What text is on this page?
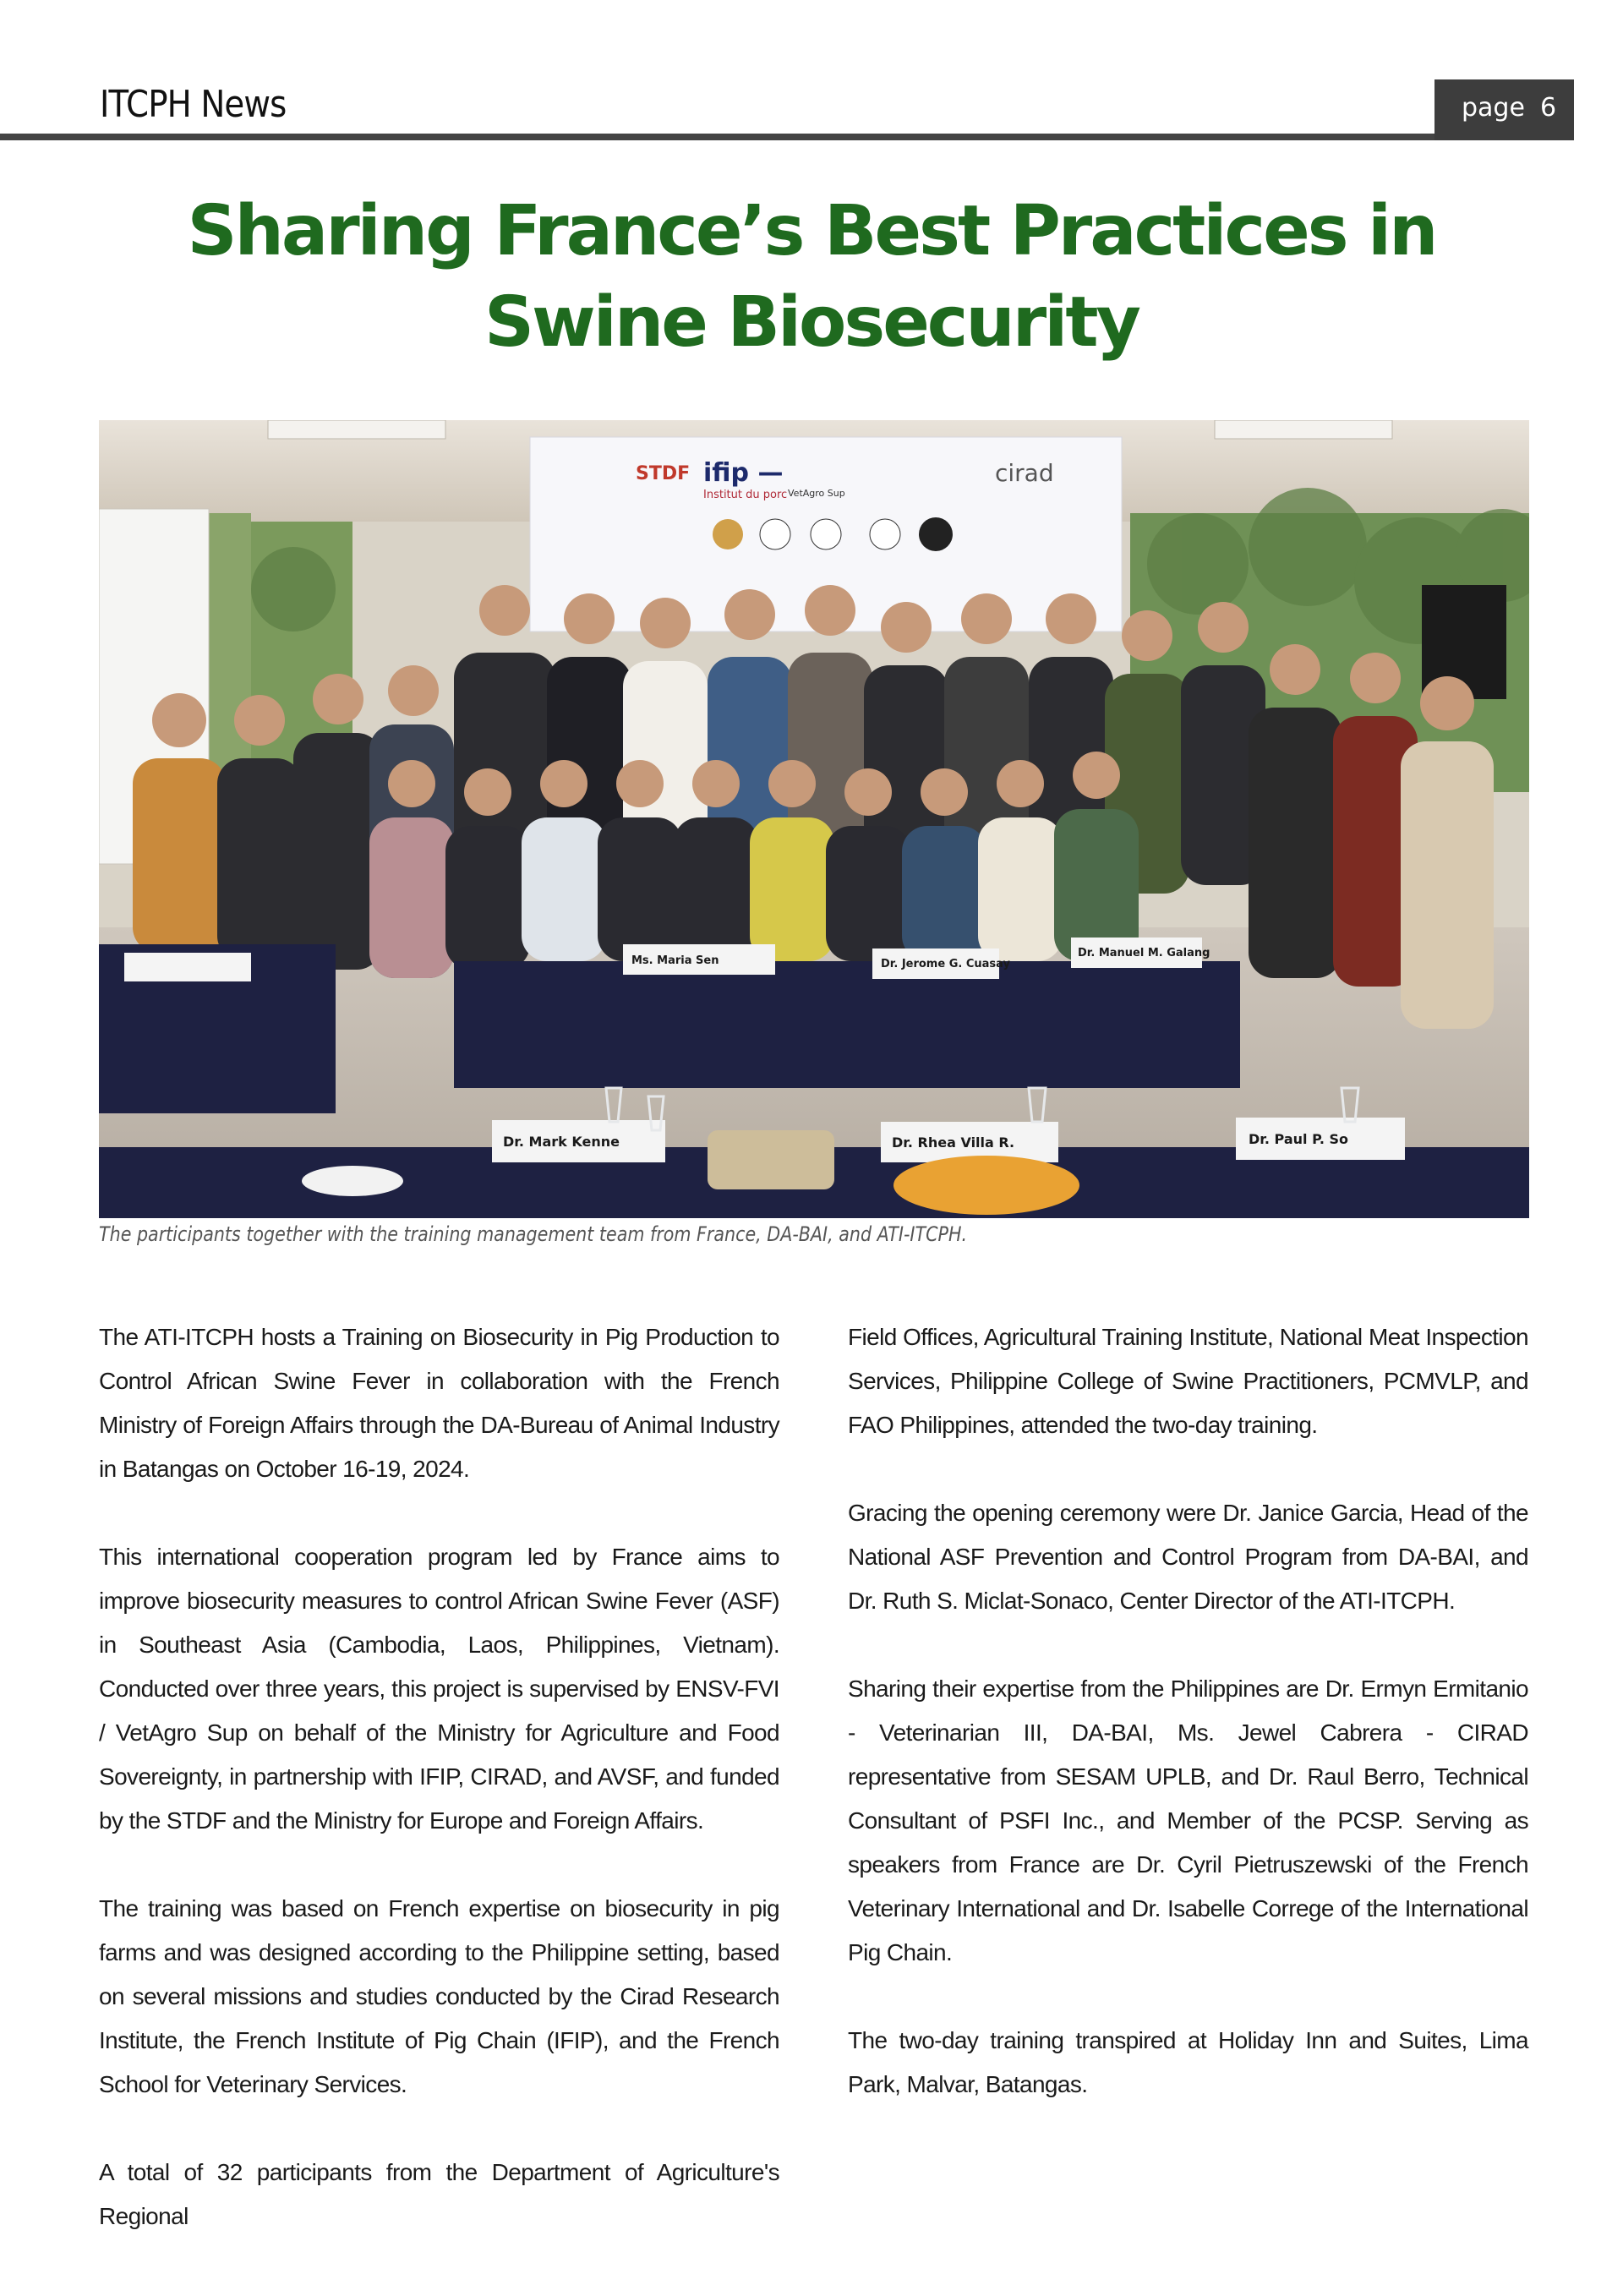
ITCPH News	page 6
Sharing France’s Best Practices in Swine Biosecurity
STDF ifip —
Institut du porc VetAgro Sup
cirad
Ms. Maria Sen	Dr. Jerome G. Cuasay
Dr. Manuel M. Galang
Dr. Mark Kenne	Dr. Rhea Villa R.	Dr. Paul P. So
The participants together with the training management team from France, DA-BAI, and ATI-ITCPH.

The ATI-ITCPH hosts a Training on Biosecurity in Pig Production to Control African Swine Fever in collaboration with the French Ministry of Foreign Affairs through the DA-Bureau of Animal Industry in Batangas on October 16-19, 2024.

This international cooperation program led by France aims to improve biosecurity measures to control African Swine Fever (ASF) in Southeast Asia (Cambodia, Laos, Philippines, Vietnam). Conducted over three years, this project is supervised by ENSV-FVI / VetAgro Sup on behalf of the Ministry for Agriculture and Food Sovereignty, in partnership with IFIP, CIRAD, and AVSF, and funded by the STDF and the Ministry for Europe and Foreign Affairs.

The training was based on French expertise on biosecurity in pig farms and was designed according to the Philippine setting, based on several missions and studies conducted by the Cirad Research Institute, the French Institute of Pig Chain (IFIP), and the French School for Veterinary Services.

A total of 32 participants from the Department of Agriculture's Regional

Field Offices, Agricultural Training Institute, National Meat Inspection Services, Philippine College of Swine Practitioners, PCMVLP, and FAO Philippines, attended the two-day training.

Gracing the opening ceremony were Dr. Janice Garcia, Head of the National ASF Prevention and Control Program from DA-BAI, and Dr. Ruth S. Miclat-Sonaco, Center Director of the ATI-ITCPH.

Sharing their expertise from the Philippines are Dr. Ermyn Ermitanio - Veterinarian III, DA-BAI, Ms. Jewel Cabrera - CIRAD representative from SESAM UPLB, and Dr. Raul Berro, Technical Consultant of PSFI Inc., and Member of the PCSP. Serving as speakers from France are Dr. Cyril Pietruszewski of the French Veterinary International and Dr. Isabelle Correge of the International Pig Chain.

The two-day training transpired at Holiday Inn and Suites, Lima Park, Malvar, Batangas.
